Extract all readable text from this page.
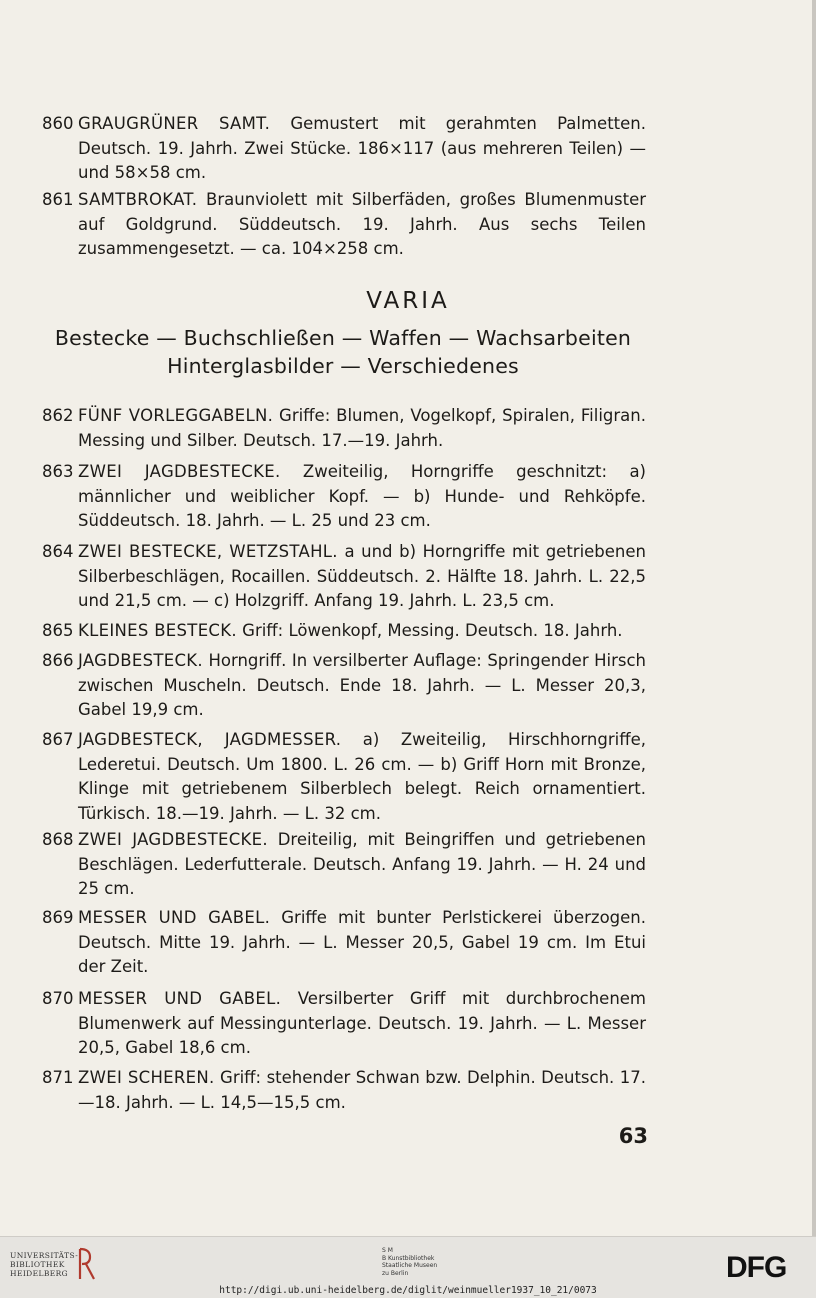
860 GRAUGRÜNER SAMT. Gemustert mit gerahmten Palmetten. Deutsch. 19. Jahrh. Zwei Stücke. 186×117 (aus mehreren Teilen) — und 58×58 cm.
861 SAMTBROKAT. Braunviolett mit Silberfäden, großes Blumenmuster auf Goldgrund. Süddeutsch. 19. Jahrh. Aus sechs Teilen zusammengesetzt. — ca. 104×258 cm.
VARIA
Bestecke — Buchschließen — Waffen — Wachsarbeiten
Hinterglasbilder — Verschiedenes
862 FÜNF VORLEGGABELN. Griffe: Blumen, Vogelkopf, Spiralen, Filigran. Messing und Silber. Deutsch. 17.—19. Jahrh.
863 ZWEI JAGDBESTECKE. Zweiteilig, Horngriffe geschnitzt: a) männlicher und weiblicher Kopf. — b) Hunde- und Rehköpfe. Süddeutsch. 18. Jahrh. — L. 25 und 23 cm.
864 ZWEI BESTECKE, WETZSTAHL. a und b) Horngriffe mit getriebenen Silberbeschlägen, Rocaillen. Süddeutsch. 2. Hälfte 18. Jahrh. L. 22,5 und 21,5 cm. — c) Holzgriff. Anfang 19. Jahrh. L. 23,5 cm.
865 KLEINES BESTECK. Griff: Löwenkopf, Messing. Deutsch. 18. Jahrh.
866 JAGDBESTECK. Horngriff. In versilberter Auflage: Springender Hirsch zwischen Muscheln. Deutsch. Ende 18. Jahrh. — L. Messer 20,3, Gabel 19,9 cm.
867 JAGDBESTECK, JAGDMESSER. a) Zweiteilig, Hirschhorngriffe, Lederetui. Deutsch. Um 1800. L. 26 cm. — b) Griff Horn mit Bronze, Klinge mit getriebenem Silberblech belegt. Reich ornamentiert. Türkisch. 18.—19. Jahrh. — L. 32 cm.
868 ZWEI JAGDBESTECKE. Dreiteilig, mit Beingriffen und getriebenen Beschlägen. Lederfutterale. Deutsch. Anfang 19. Jahrh. — H. 24 und 25 cm.
869 MESSER UND GABEL. Griffe mit bunter Perlstickerei überzogen. Deutsch. Mitte 19. Jahrh. — L. Messer 20,5, Gabel 19 cm. Im Etui der Zeit.
870 MESSER UND GABEL. Versilberter Griff mit durchbrochenem Blumenwerk auf Messingunterlage. Deutsch. 19. Jahrh. — L. Messer 20,5, Gabel 18,6 cm.
871 ZWEI SCHEREN. Griff: stehender Schwan bzw. Delphin. Deutsch. 17.—18. Jahrh. — L. 14,5—15,5 cm.
63
UNIVERSITÄTS-
BIBLIOTHEK
HEIDELBERG
S M
B Kunstbibliothek
Staatliche Museen
zu Berlin	DFG
http://digi.ub.uni-heidelberg.de/diglit/weinmueller1937_10_21/0073
